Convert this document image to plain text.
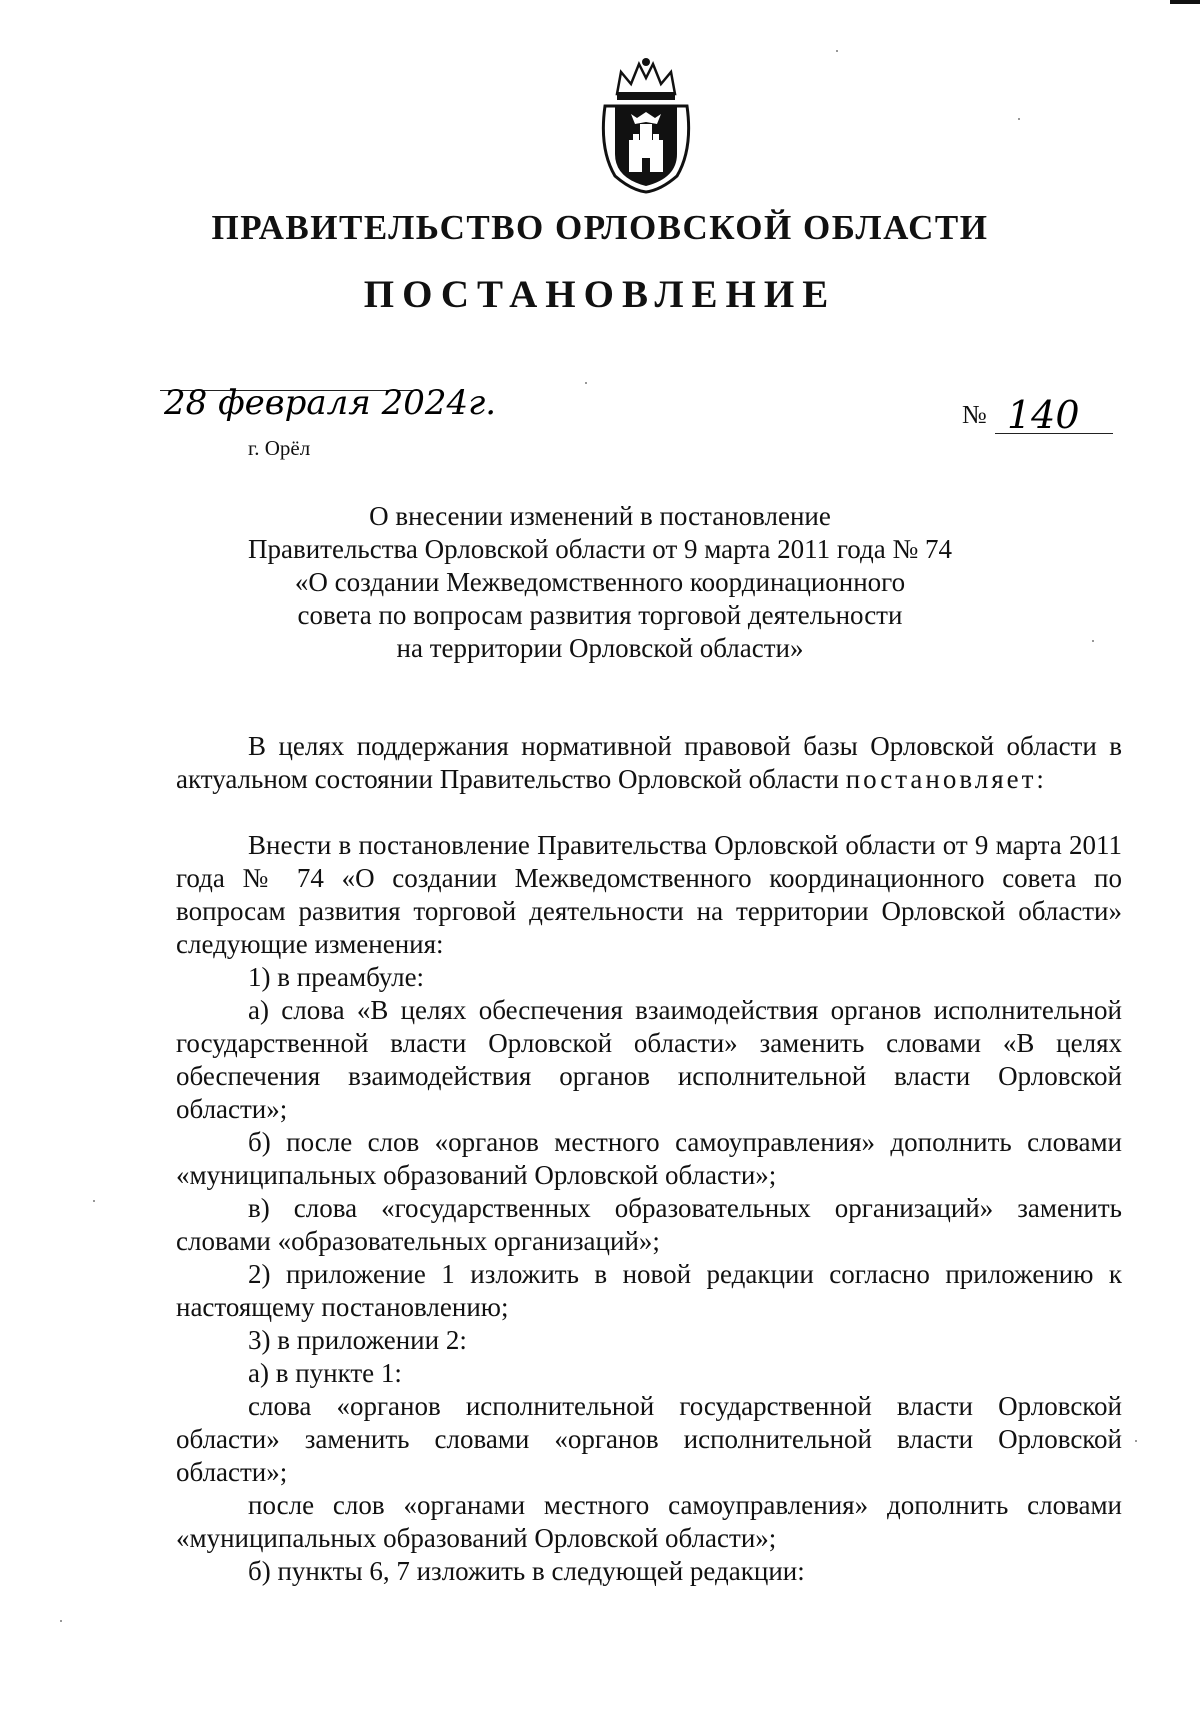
ПРАВИТЕЛЬСТВО ОРЛОВСКОЙ ОБЛАСТИ
ПОСТАНОВЛЕНИЕ
28 февраля 2024г.
г. Орёл
№ 140
О внесении изменений в постановление
Правительства Орловской области от 9 марта 2011 года № 74
«О создании Межведомственного координационного
совета по вопросам развития торговой деятельности
на территории Орловской области»

В целях поддержания нормативной правовой базы Орловской области в актуальном состоянии Правительство Орловской области постановляет:

Внести в постановление Правительства Орловской области от 9 марта 2011 года № 74 «О создании Межведомственного координационного совета по вопросам развития торговой деятельности на территории Орловской области» следующие изменения:

1) в преамбуле:

а) слова «В целях обеспечения взаимодействия органов исполнительной государственной власти Орловской области» заменить словами «В целях обеспечения взаимодействия органов исполнительной власти Орловской области»;

б) после слов «органов местного самоуправления» дополнить словами «муниципальных образований Орловской области»;

в) слова «государственных образовательных организаций» заменить словами «образовательных организаций»;

2) приложение 1 изложить в новой редакции согласно приложению к настоящему постановлению;

3) в приложении 2:

а) в пункте 1:

слова «органов исполнительной государственной власти Орловской области» заменить словами «органов исполнительной власти Орловской области»;

после слов «органами местного самоуправления» дополнить словами «муниципальных образований Орловской области»;

б) пункты 6, 7 изложить в следующей редакции:
